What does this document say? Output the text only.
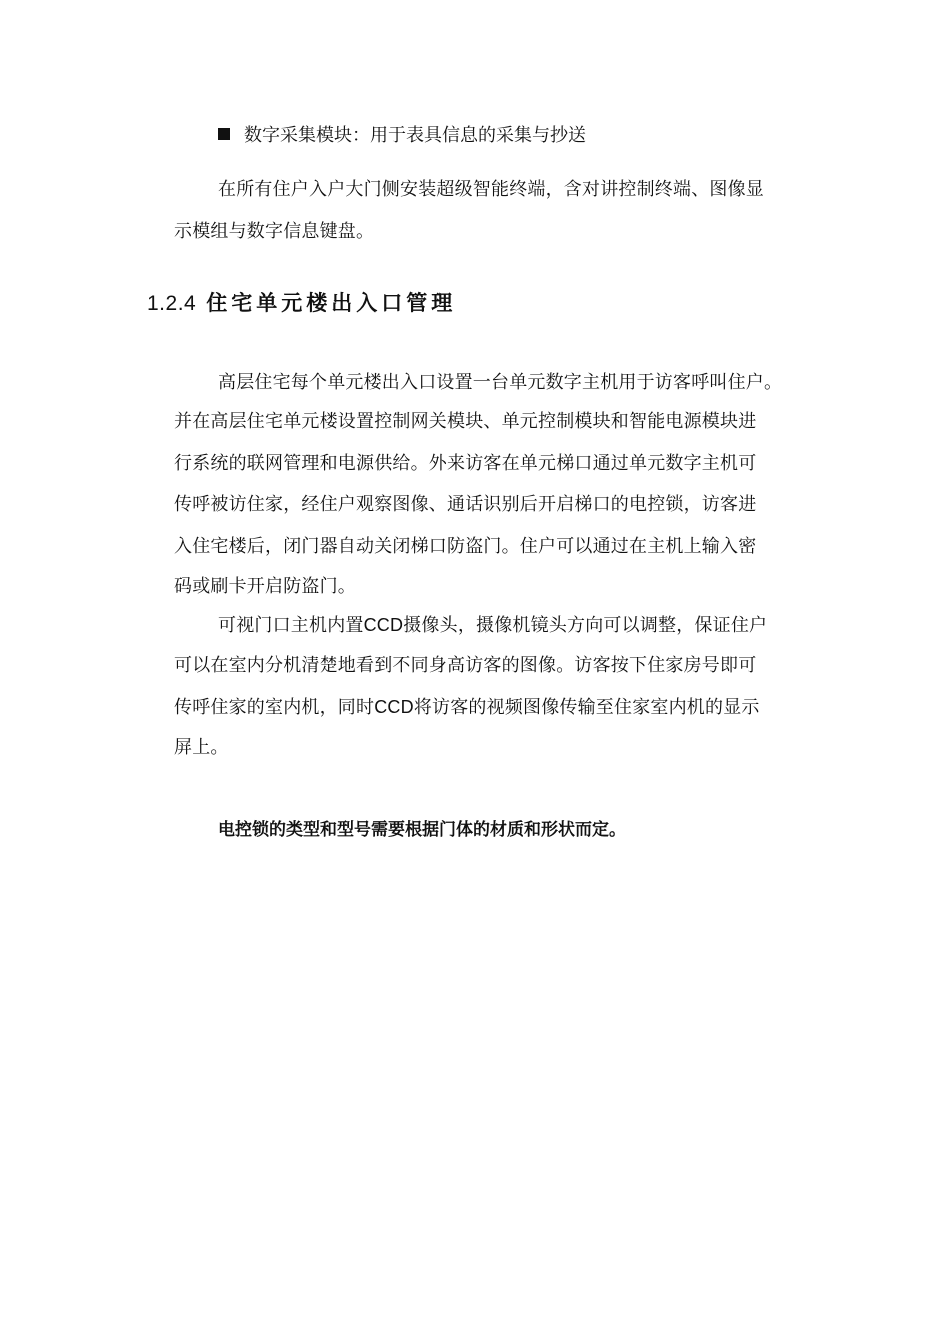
数字采集模块：用于表具信息的采集与抄送
在所有住户入户大门侧安装超级智能终端，含对讲控制终端、图像显
示模组与数字信息键盘。
1.2.4 住宅单元楼出入口管理
高层住宅每个单元楼出入口设置一台单元数字主机用于访客呼叫住户。
并在高层住宅单元楼设置控制网关模块、单元控制模块和智能电源模块进
行系统的联网管理和电源供给。外来访客在单元梯口通过单元数字主机可
传呼被访住家，经住户观察图像、通话识别后开启梯口的电控锁，访客进
入住宅楼后，闭门器自动关闭梯口防盗门。住户可以通过在主机上输入密
码或刷卡开启防盗门。
可视门口主机内置CCD摄像头，摄像机镜头方向可以调整，保证住户
可以在室内分机清楚地看到不同身高访客的图像。访客按下住家房号即可
传呼住家的室内机，同时CCD将访客的视频图像传输至住家室内机的显示
屏上。
电控锁的类型和型号需要根据门体的材质和形状而定。
